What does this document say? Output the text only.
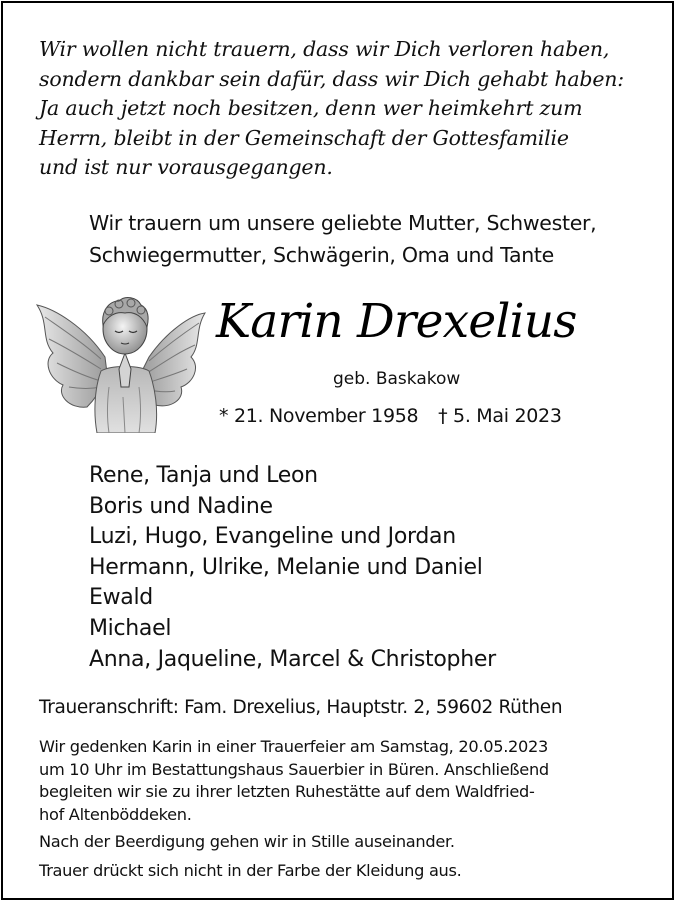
Wir wollen nicht trauern, dass wir Dich verloren haben,
sondern dankbar sein dafür, dass wir Dich gehabt haben:
Ja auch jetzt noch besitzen, denn wer heimkehrt zum
Herrn, bleibt in der Gemeinschaft der Gottesfamilie
und ist nur vorausgegangen.
Wir trauern um unsere geliebte Mutter, Schwester,
Schwiegermutter, Schwägerin, Oma und Tante
Karin Drexelius
geb. Baskakow
* 21. November 1958 † 5. Mai 2023
Rene, Tanja und Leon
Boris und Nadine
Luzi, Hugo, Evangeline und Jordan
Hermann, Ulrike, Melanie und Daniel
Ewald
Michael
Anna, Jaqueline, Marcel & Christopher
Traueranschrift: Fam. Drexelius, Hauptstr. 2, 59602 Rüthen
Wir gedenken Karin in einer Trauerfeier am Samstag, 20.05.2023
um 10 Uhr im Bestattungshaus Sauerbier in Büren. Anschließend
begleiten wir sie zu ihrer letzten Ruhestätte auf dem Waldfried-
hof Altenböddeken.
Nach der Beerdigung gehen wir in Stille auseinander.
Trauer drückt sich nicht in der Farbe der Kleidung aus.
